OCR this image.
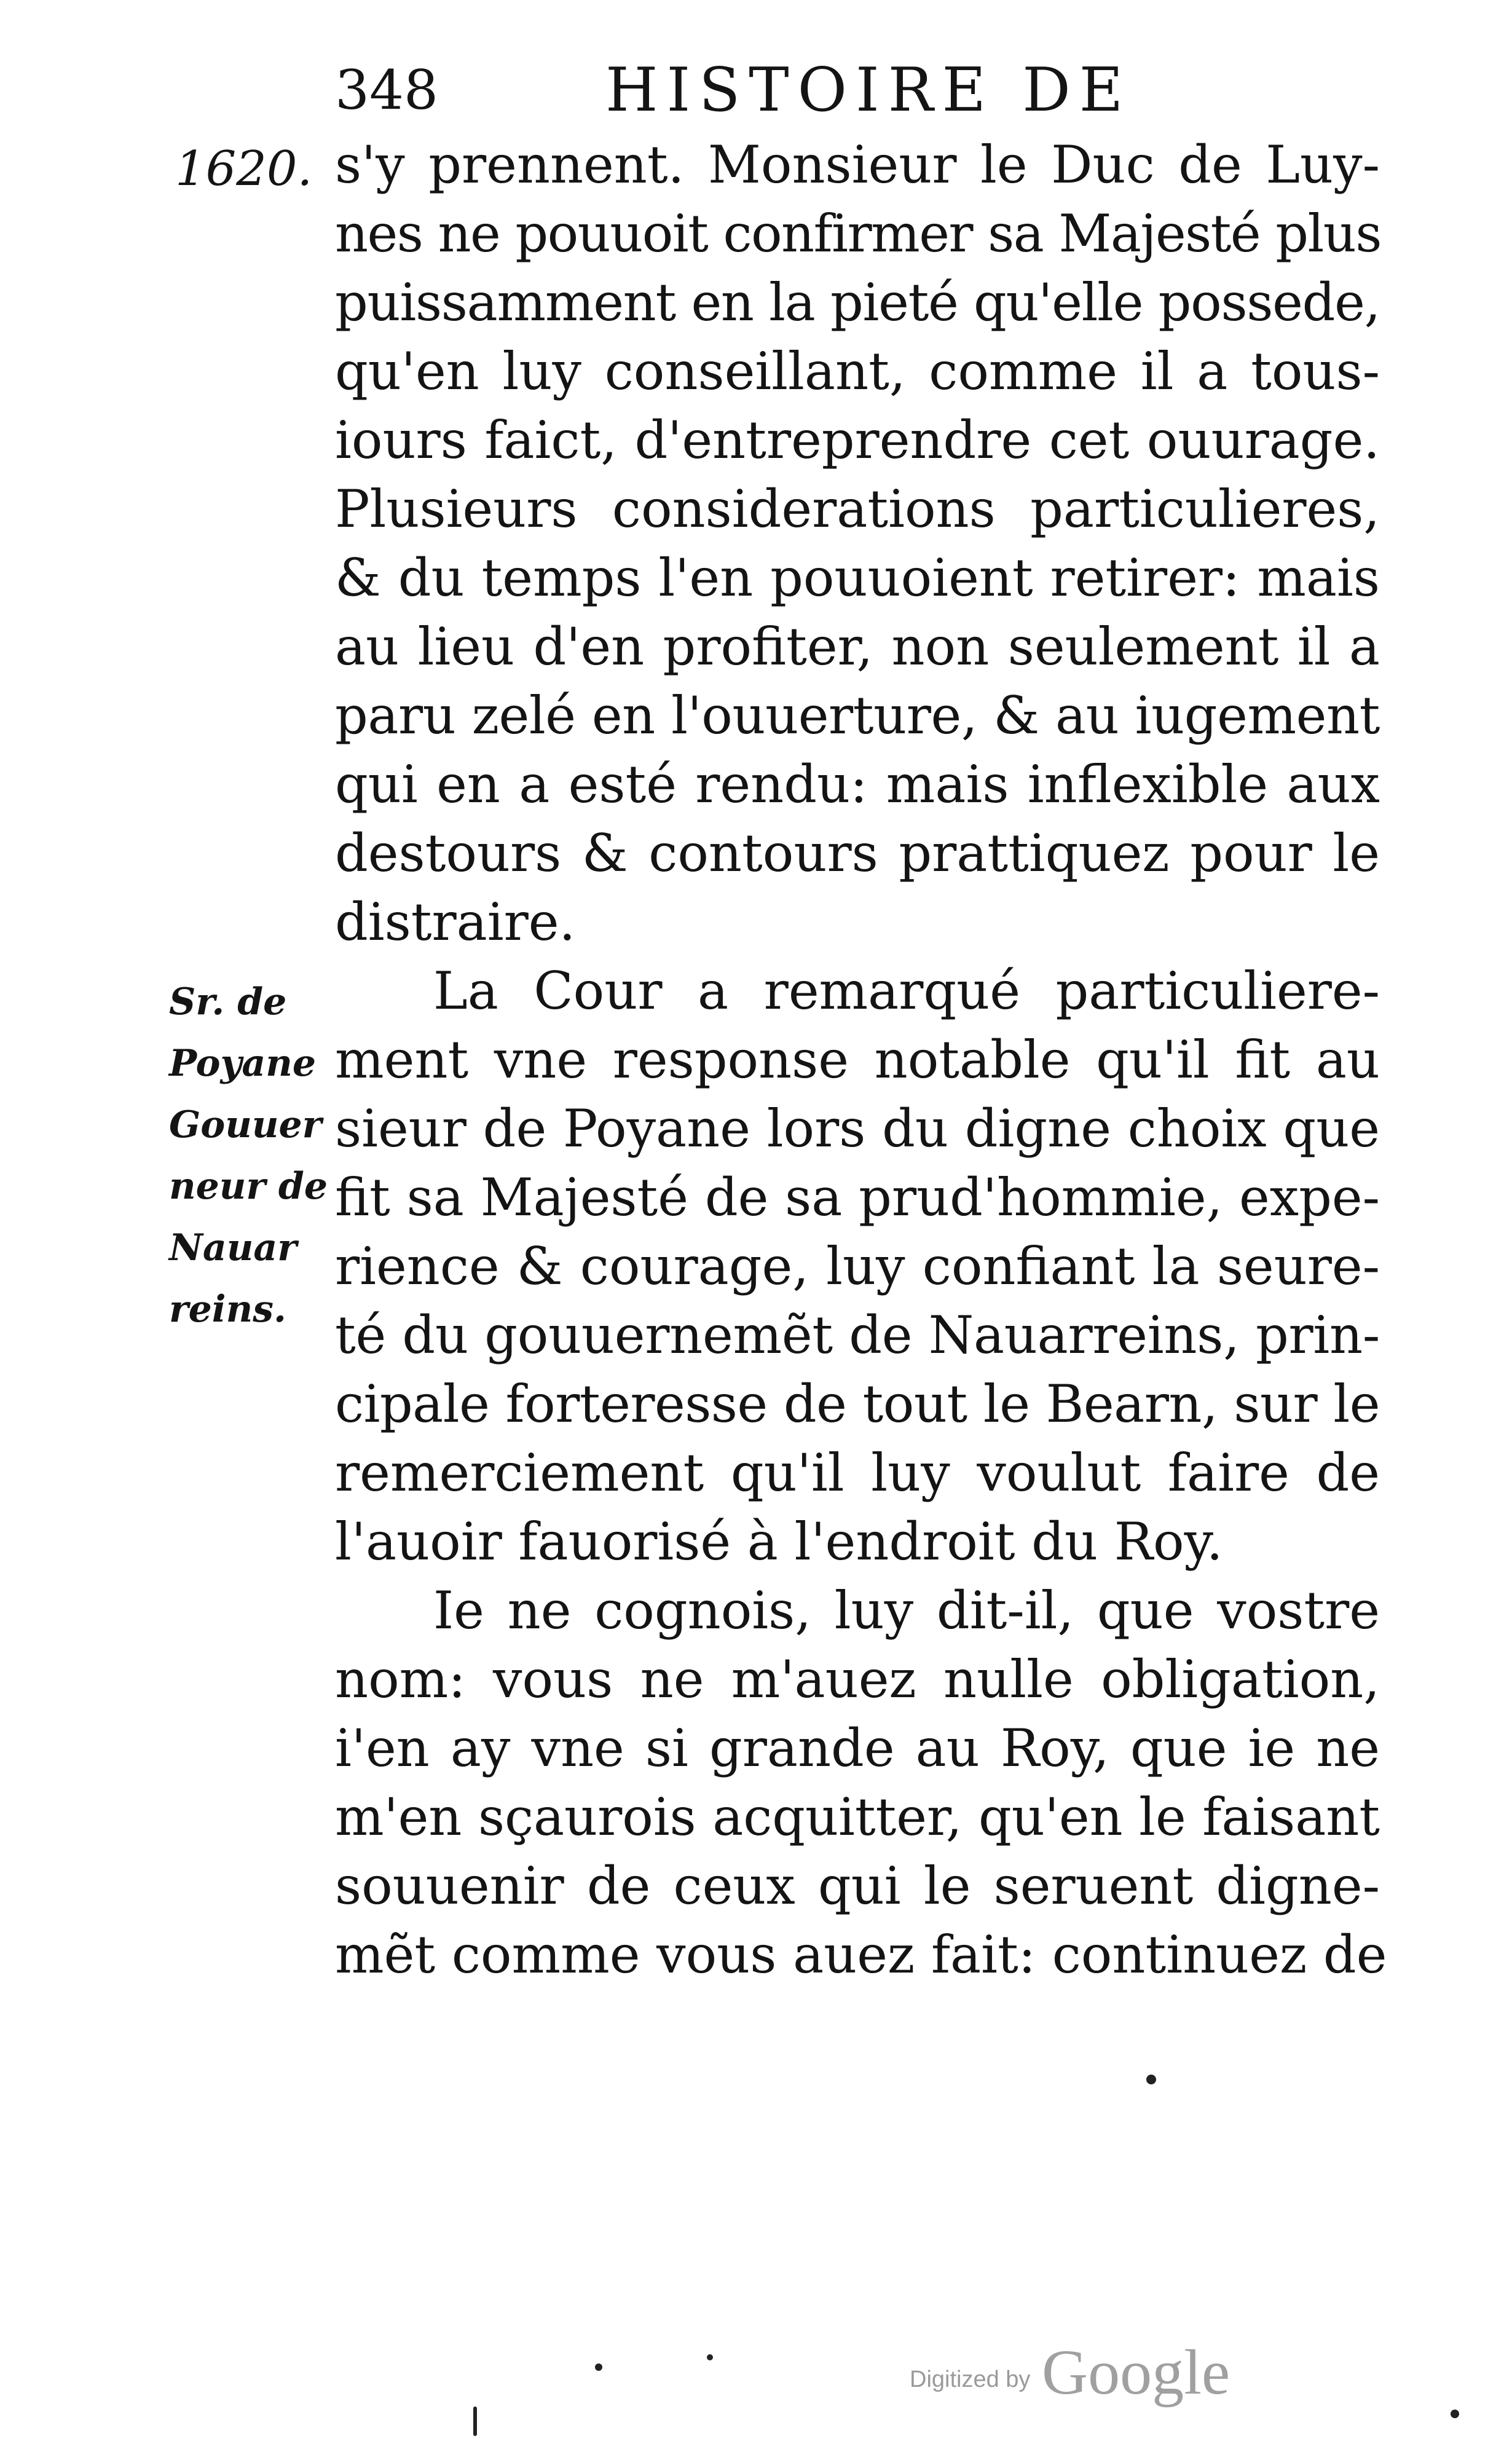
348	HISTOIRE DE
1620.
Sr. de
Poyane
Gouuer
neur de
Nauar
reins.
s'y prennent. Monsieur le Duc de Luy-
nes ne pouuoit confirmer sa Majesté plus
puissamment en la pieté qu'elle possede,
qu'en luy conseillant, comme il a tous-
iours faict, d'entreprendre cet ouurage.
Plusieurs considerations particulieres,
& du temps l'en pouuoient retirer: mais
au lieu d'en profiter, non seulement il a
paru zelé en l'ouuerture, & au iugement
qui en a esté rendu: mais inflexible aux
destours & contours prattiquez pour le
distraire.
La Cour a remarqué particuliere-
ment vne response notable qu'il fit au
sieur de Poyane lors du digne choix que
fit sa Majesté de sa prud'hommie, expe-
rience & courage, luy confiant la seure-
té du gouuernemẽt de Nauarreins, prin-
cipale forteresse de tout le Bearn, sur le
remerciement qu'il luy voulut faire de
l'auoir fauorisé à l'endroit du Roy.
Ie ne cognois, luy dit-il, que vostre
nom: vous ne m'auez nulle obligation,
i'en ay vne si grande au Roy, que ie ne
m'en sçaurois acquitter, qu'en le faisant
souuenir de ceux qui le seruent digne-
mẽt comme vous auez fait: continuez de
Digitized by Google
